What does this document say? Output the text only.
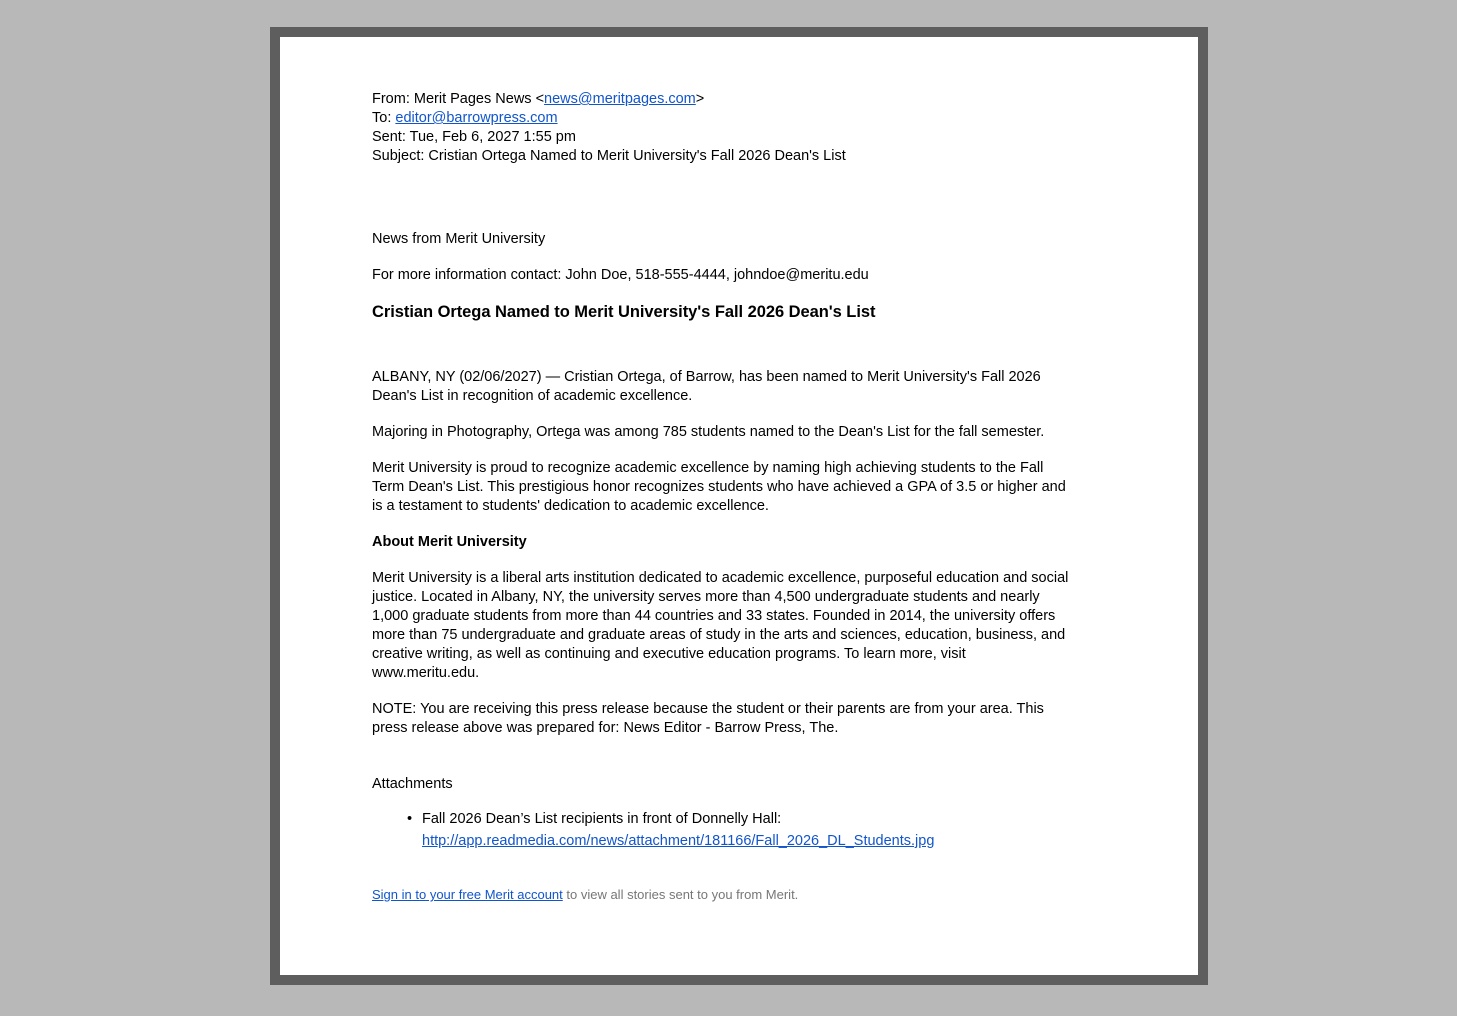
From: Merit Pages News <news@meritpages.com>
To: editor@barrowpress.com
Sent: Tue, Feb 6, 2027 1:55 pm
Subject: Cristian Ortega Named to Merit University's Fall 2026 Dean's List

News from Merit University

For more information contact: John Doe, 518-555-4444, johndoe@meritu.edu

Cristian Ortega Named to Merit University's Fall 2026 Dean's List

ALBANY, NY (02/06/2027) — Cristian Ortega, of Barrow, has been named to Merit University's Fall 2026 Dean's List in recognition of academic excellence.

Majoring in Photography, Ortega was among 785 students named to the Dean's List for the fall semester.

Merit University is proud to recognize academic excellence by naming high achieving students to the Fall Term Dean's List. This prestigious honor recognizes students who have achieved a GPA of 3.5 or higher and is a testament to students' dedication to academic excellence.

About Merit University

Merit University is a liberal arts institution dedicated to academic excellence, purposeful education and social justice. Located in Albany, NY, the university serves more than 4,500 undergraduate students and nearly 1,000 graduate students from more than 44 countries and 33 states. Founded in 2014, the university offers more than 75 undergraduate and graduate areas of study in the arts and sciences, education, business, and creative writing, as well as continuing and executive education programs. To learn more, visit www.meritu.edu.

NOTE: You are receiving this press release because the student or their parents are from your area. This press release above was prepared for: News Editor - Barrow Press, The.

Attachments
• Fall 2026 Dean’s List recipients in front of Donnelly Hall: http://app.readmedia.com/news/attachment/181166/Fall_2026_DL_Students.jpg
Sign in to your free Merit account to view all stories sent to you from Merit.
